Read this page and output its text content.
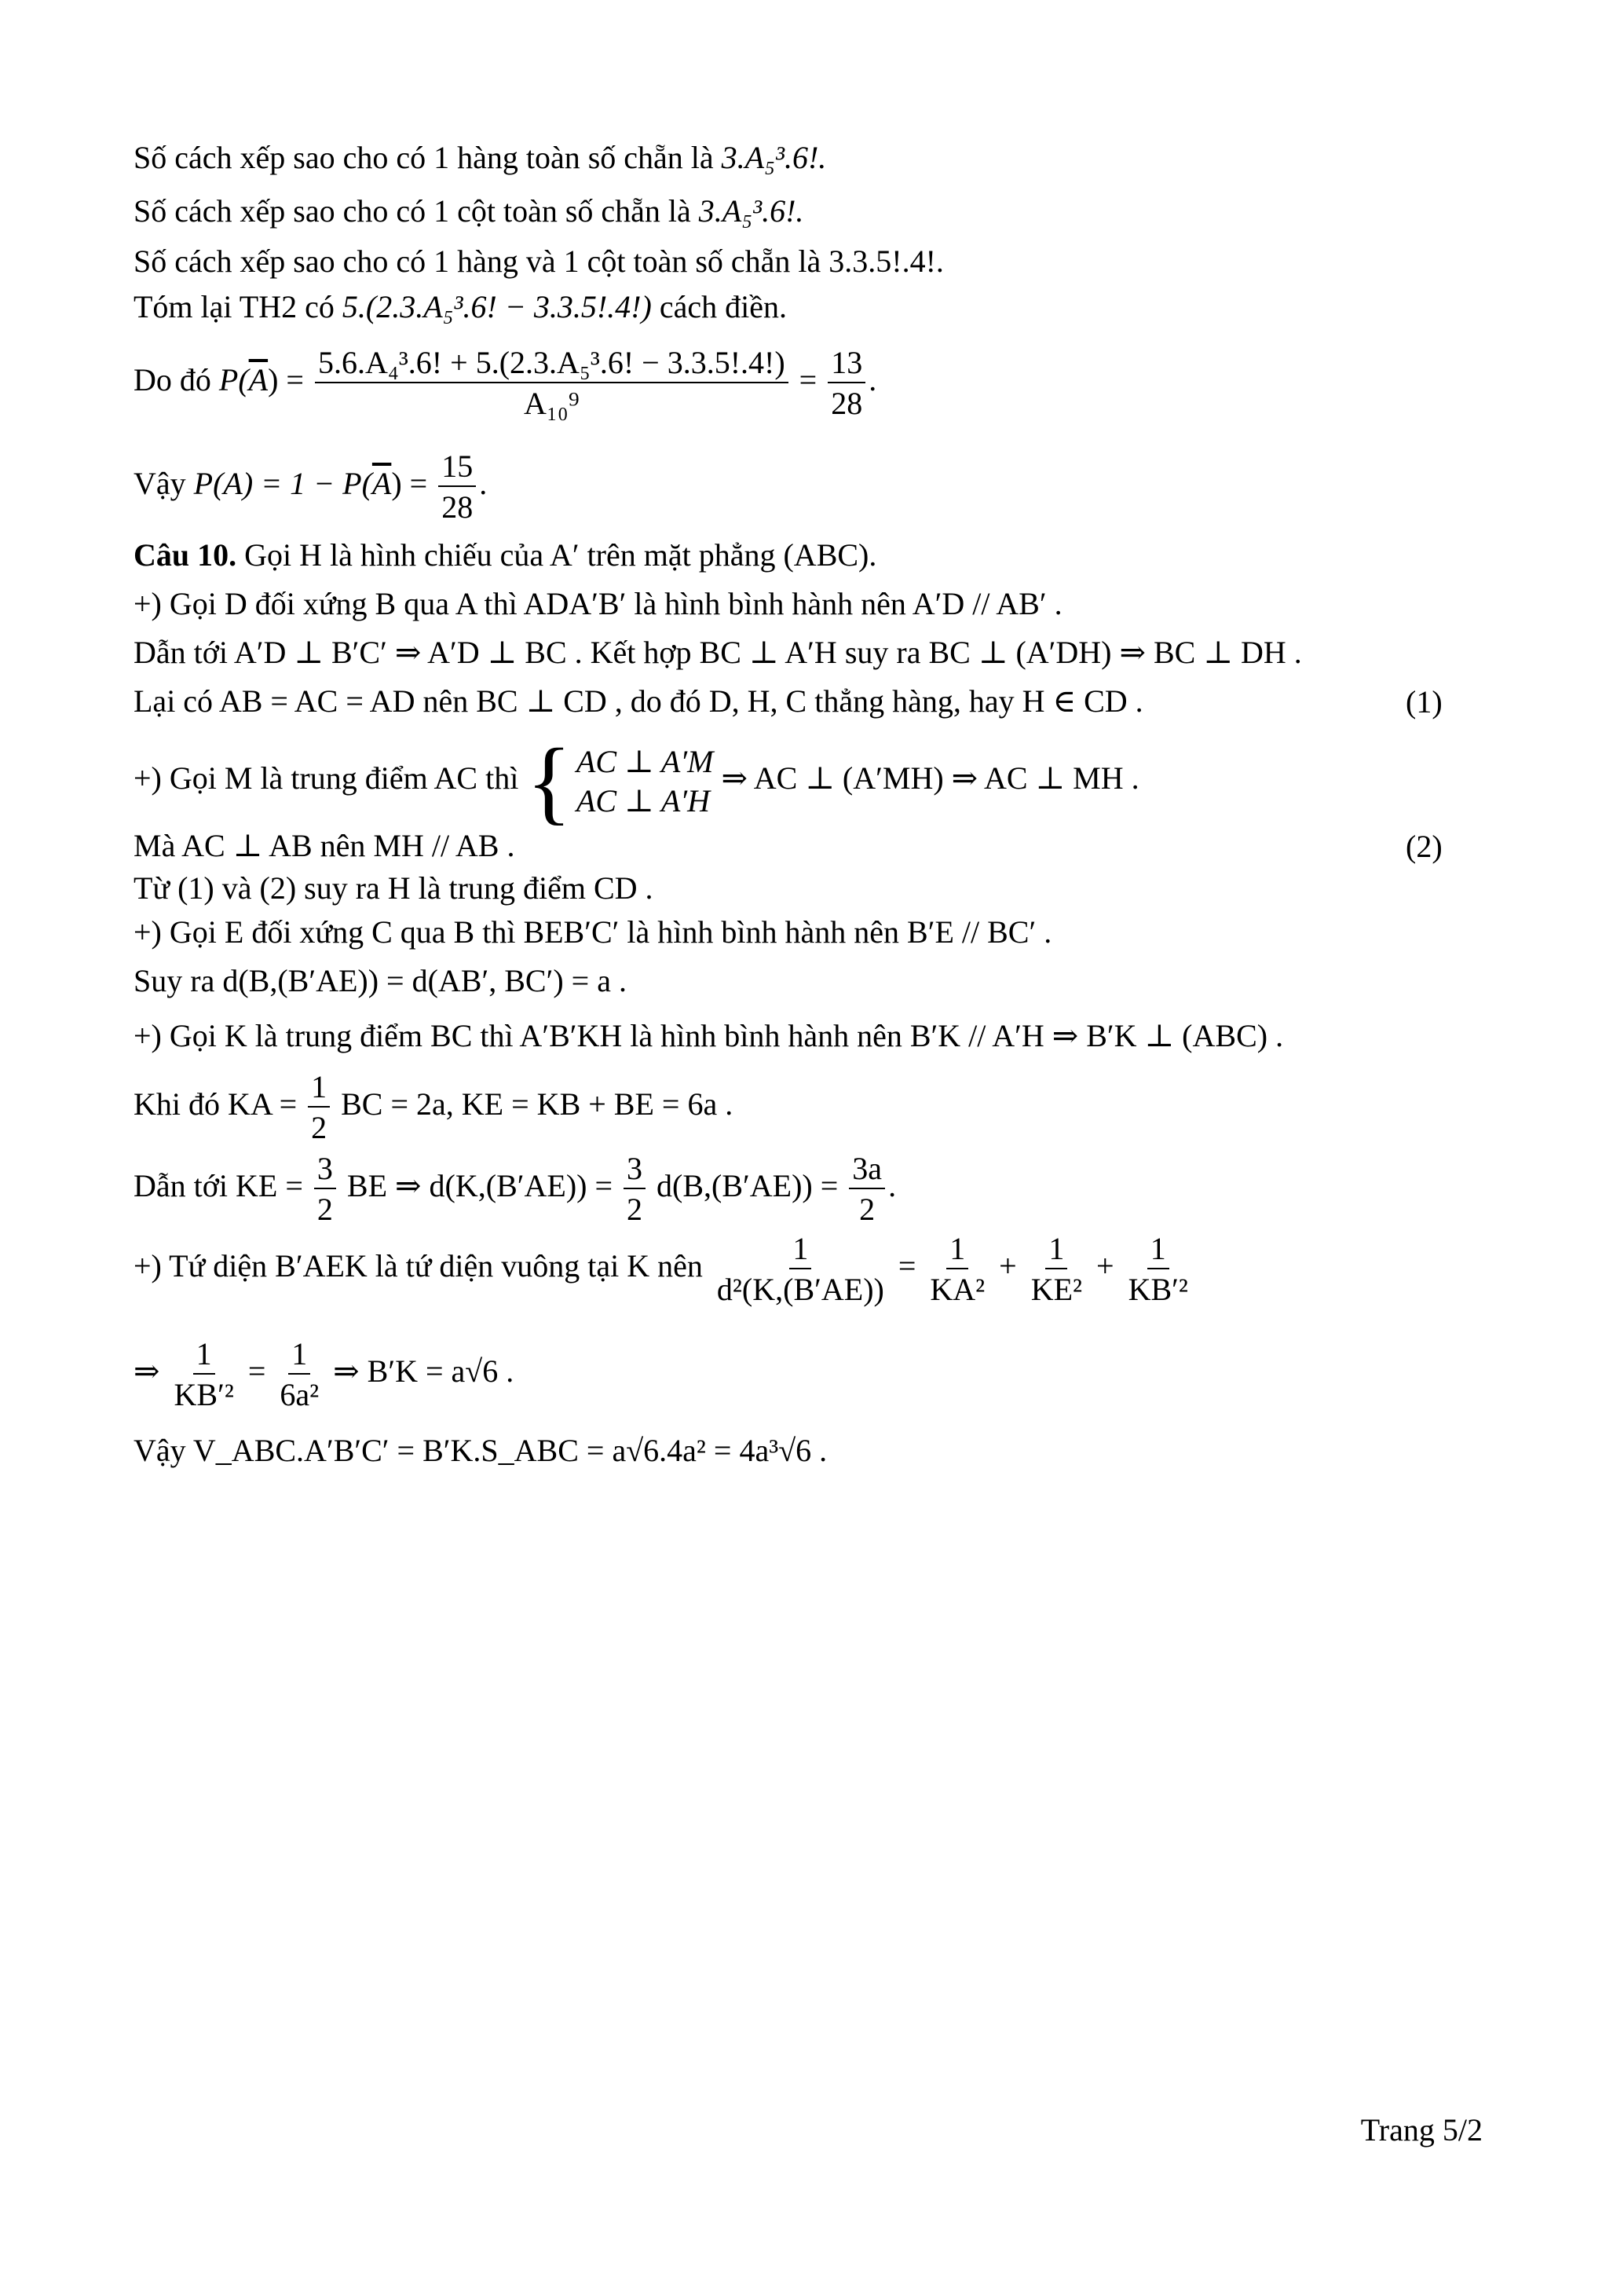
Số cách xếp sao cho có 1 hàng toàn số chẵn là 3.A₅³.6!.
Số cách xếp sao cho có 1 cột toàn số chẵn là 3.A₅³.6!.
Số cách xếp sao cho có 1 hàng và 1 cột toàn số chẵn là 3.3.5!.4!.
Tóm lại TH2 có 5.(2.3.A₅³.6! − 3.3.5!.4!) cách điền.
Do đó $P(\overline{A}) = \frac{\text{5.6.A₄³.6! + 5.(2.3.A₅³.6! − 3.3.5!.4!)}}{\text{A₁₀⁹}} = \frac{13}{28}$ .
Vậy $P(A) = 1 - P(\overline{A}) = \frac{15}{28}$ .
Câu 10. Gọi H là hình chiếu của A′ trên mặt phẳng (ABC).
+) Gọi D đối xứng B qua A thì ADA′B′ là hình bình hành nên A′D // AB′ .
Dẫn tới A′D ⊥ B′C′ ⇒ A′D ⊥ BC . Kết hợp BC ⊥ A′H suy ra BC ⊥ (A′DH) ⇒ BC ⊥ DH .
Lại có AB = AC = AD nên BC ⊥ CD , do đó D, H, C thẳng hàng, hay H ∈ CD .	(1)
+) Gọi M là trung điểm AC thì { AC ⊥ A′M
AC ⊥ A′H
⇒ AC ⊥ (A′MH) ⇒ AC ⊥ MH .
Mà AC ⊥ AB nên MH // AB .	(2)
Từ (1) và (2) suy ra H là trung điểm CD .
+) Gọi E đối xứng C qua B thì BEB′C′ là hình bình hành nên B′E // BC′ .
Suy ra d(B,(B′AE)) = d(AB′, BC′) = a .
+) Gọi K là trung điểm BC thì A′B′KH là hình bình hành nên B′K // A′H ⇒ B′K ⊥ (ABC) .
Khi đó KA = $\frac{1}{2}$ BC = 2a, KE = KB + BE = 6a .
Dẫn tới KE = $\frac{3}{2}$ BE ⇒ $d(K,(B'AE)) = \frac{3}{2} d(B,(B'AE)) = \frac{3a}{2}$ .
+) Tứ diện B′AEK là tứ diện vuông tại K nên $\frac{1}{\text{d²(K,(B′AE))}} = \frac{1}{\text{KA²}} + \frac{1}{\text{KE²}} + \frac{1}{\text{KB′²}}$
⇒ $\frac{1}{\text{KB′²}} = \frac{1}{\text{6a²}}$ ⇒ B′K = a√6 .
Vậy V_ABC.A′B′C′ = B′K.S_ABC = a√6.4a² = 4a³√6 .
Trang 5/2
